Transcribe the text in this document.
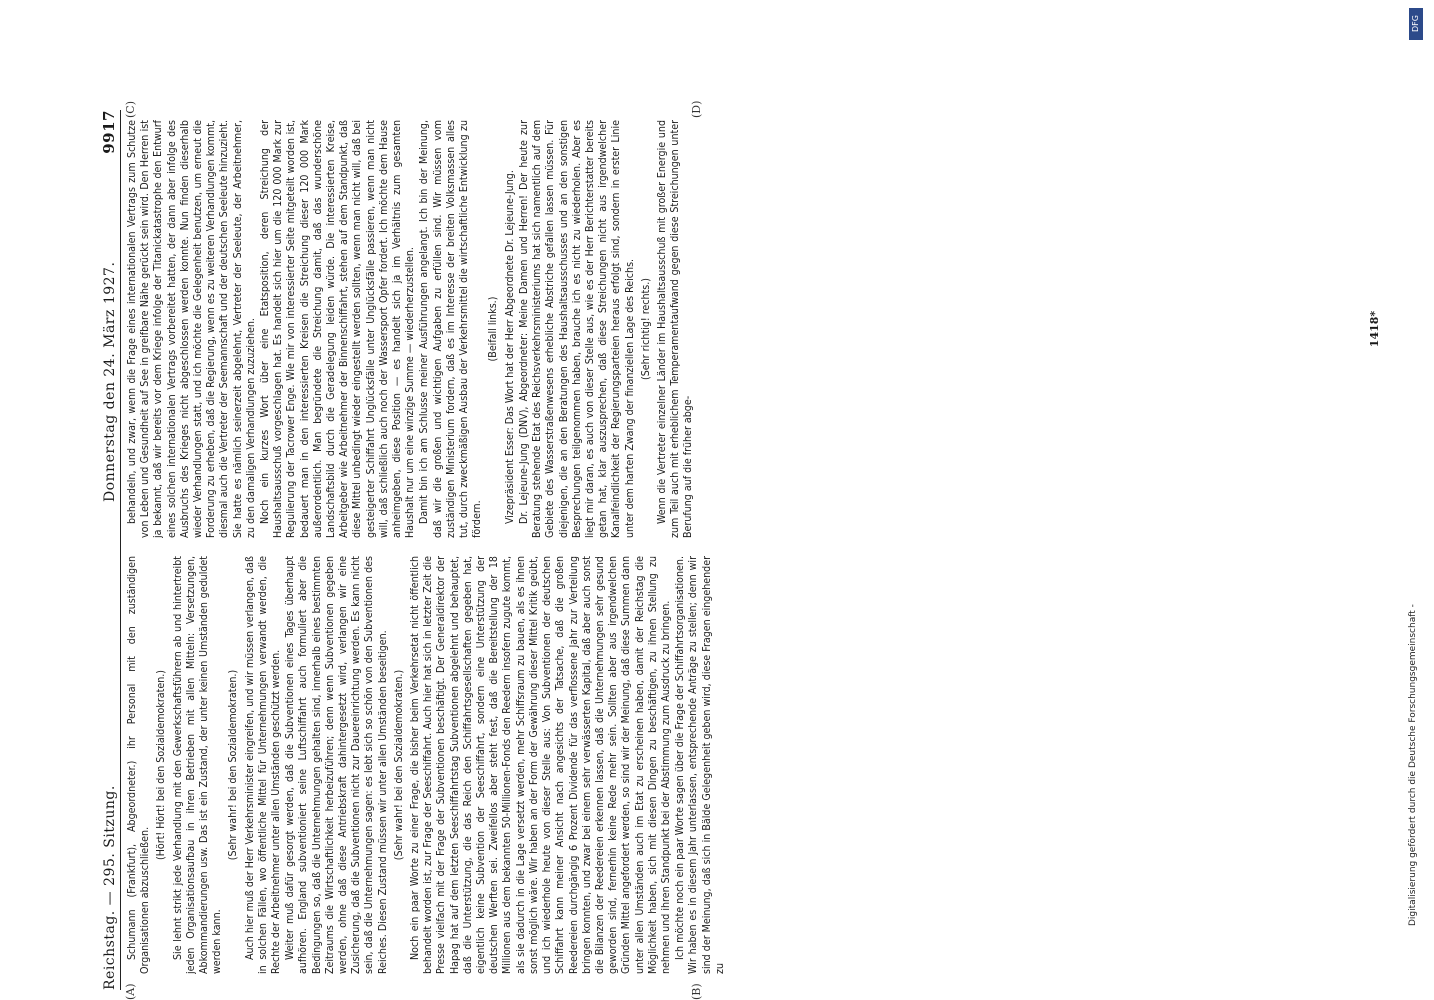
Reichstag. — 295. Sitzung.
Donnerstag den 24. März 1927.
9917
(A)	(B)
(C)	(D)

Schumann (Frankfurt), Abgeordneter.) ihr Personal mit den zuständigen Organisationen abzuschließen.

(Hört! Hört! bei den Sozialdemokraten.) Sie lehnt strikt jede Verhandlung mit den Gewerkschaftsführern ab und hintertreibt jeden Organisationsaufbau in ihren Betrieben mit allen Mitteln: Versetzungen, Abkommandierungen usw. Das ist ein Zustand, der unter keinen Umständen geduldet werden kann.

(Sehr wahr! bei den Sozialdemokraten.) Auch hier muß der Herr Verkehrsminister eingreifen, und wir müssen verlangen, daß in solchen Fällen, wo öffentliche Mittel für Unternehmungen verwandt werden, die Rechte der Arbeitnehmer unter allen Umständen geschützt werden. Weiter muß dafür gesorgt werden, daß die Subventionen eines Tages überhaupt aufhören. England subventioniert seine Luftschiffahrt auch formuliert aber die Bedingungen so, daß die Unternehmungen gehalten sind, innerhalb eines bestimmten Zeitraums die Wirtschaftlichkeit herbeizuführen; denn wenn Subventionen gegeben werden, ohne daß diese Antriebskraft dahintergesetzt wird, verlangen wir eine Zusicherung, daß die Subventionen nicht zur Dauereinrichtung werden. Es kann nicht sein, daß die Unternehmungen sagen: es lebt sich so schön von den Subventionen des Reiches. Diesen Zustand müssen wir unter allen Umständen beseitigen. (Sehr wahr! bei den Sozialdemokraten.) Noch ein paar Worte zu einer Frage, die bisher beim Verkehrsetat nicht öffentlich behandelt worden ist, zur Frage der Seeschiffahrt. Auch hier hat sich in letzter Zeit die Presse vielfach mit der Frage der Subventionen beschäftigt. Der Generaldirektor der Hapag hat auf dem letzten Seeschiffahrtstag Subventionen abgelehnt und behauptet, daß die Unterstützung, die das Reich den Schiffahrtsgesellschaften gegeben hat, eigentlich keine Subvention der Seeschiffahrt, sondern eine Unterstützung der deutschen Werften sei. Zweifellos aber steht fest, daß die Bereitstellung der 18 Millionen aus dem bekannten 50-Millionen-Fonds den Reedern insofern zugute kommt, als sie dadurch in die Lage versetzt werden, mehr Schiffsraum zu bauen, als es ihnen sonst möglich wäre. Wir haben an der Form der Gewährung dieser Mittel Kritik geübt, und ich wiederhole heute von dieser Stelle aus: Von Subventionen der deutschen Schiffahrt kann meiner Ansicht nach angesichts der Tatsache, daß die großen Reedereien durchgängig 6 Prozent Dividende für das verflossene Jahr zur Verteilung bringen konnten, und zwar bei einem sehr verwässerten Kapital, daß aber auch sonst die Bilanzen der Reedereien erkennen lassen, daß die Unternehmungen sehr gesund geworden sind, fernerhin keine Rede mehr sein. Sollten aber aus irgendwelchen Gründen Mittel angefordert werden, so sind wir der Meinung, daß diese Summen dann unter allen Umständen auch im Etat zu erscheinen haben, damit der Reichstag die Möglichkeit haben, sich mit diesen Dingen zu beschäftigen, zu ihnen Stellung zu nehmen und ihren Standpunkt bei der Abstimmung zum Ausdruck zu bringen. Ich möchte noch ein paar Worte sagen über die Frage der Schiffahrtsorganisationen. Wir haben es in diesem Jahr unterlassen, entsprechende Anträge zu stellen; denn wir sind der Meinung, daß sich in Bälde Gelegenheit geben wird, diese Fragen eingehender zu

behandeln, und zwar, wenn die Frage eines internationalen Vertrags zum Schutze von Leben und Gesundheit auf See in greifbare Nähe gerückt sein wird. Den Herren ist ja bekannt, daß wir bereits vor dem Kriege infolge der Titanickatastrophe den Entwurf eines solchen internationalen Vertrags vorbereitet hatten, der dann aber infolge des Ausbruchs des Krieges nicht abgeschlossen werden konnte. Nun finden dieserhalb wieder Verhandlungen statt, und ich möchte die Gelegenheit benutzen, um erneut die Forderung zu erheben, daß die Regierung, wenn es zu weiteren Verhandlungen kommt, diesmal auch die Vertreter der Seemannschaft und der deutschen Seeleute hinzuzieht. Sie hatte es nämlich seinerzeit abgelehnt, Vertreter der Seeleute, der Arbeitnehmer, zu den damaligen Verhandlungen zuzuziehen. Noch ein kurzes Wort über eine Etatsposition, deren Streichung der Haushaltsausschuß vorgeschlagen hat. Es handelt sich hier um die 120 000 Mark zur Regulierung der Tacrower Enge. Wie mir von interessierter Seite mitgeteilt worden ist, bedauert man in den interessierten Kreisen die Streichung dieser 120 000 Mark außerordentlich. Man begründete die Streichung damit, daß das wunderschöne Landschaftsbild durch die Geradelegung leiden würde. Die interessierten Kreise, Arbeitgeber wie Arbeitnehmer der Binnenschiffahrt, stehen auf dem Standpunkt, daß diese Mittel unbedingt wieder eingestellt werden sollten, wenn man nicht will, daß bei gesteigerter Schiffahrt Unglücksfälle unter Unglücksfälle passieren, wenn man nicht will, daß schließlich auch noch der Wassersport Opfer fordert. Ich möchte dem Hause anheimgeben, diese Position — es handelt sich ja im Verhältnis zum gesamten Haushalt nur um eine winzige Summe — wiederherzustellen. Damit bin ich am Schlusse meiner Ausführungen angelangt. Ich bin der Meinung, daß wir die großen und wichtigen Aufgaben zu erfüllen sind. Wir müssen vom zuständigen Ministerium fordern, daß es im Interesse der breiten Volksmassen alles tut, durch zweckmäßigen Ausbau der Verkehrsmittel die wirtschaftliche Entwicklung zu fördern.

(Beifall links.) Vizepräsident Esser: Das Wort hat der Herr Abgeordnete Dr. Lejeune-Jung. Dr. Lejeune-Jung (DNV), Abgeordneter: Meine Damen und Herren! Der heute zur Beratung stehende Etat des Reichsverkehrsministeriums hat sich namentlich auf dem Gebiete des Wasserstraßenwesens erhebliche Abstriche gefallen lassen müssen. Für diejenigen, die an den Beratungen des Haushaltsausschusses und an den sonstigen Besprechungen teilgenommen haben, brauche ich es nicht zu wiederholen. Aber es liegt mir daran, es auch von dieser Stelle aus, wie es der Herr Berichterstatter bereits getan hat, klar auszusprechen, daß diese Streichungen nicht aus irgendwelcher Kanalfeindlichkeit der Regierungsparteien heraus erfolgt sind, sondern in erster Linie unter dem harten Zwang der finanziellen Lage des Reichs. (Sehr richtig! rechts.) Wenn die Vertreter einzelner Länder im Haushaltsausschuß mit großer Energie und zum Teil auch mit erheblichem Temperamentaufwand gegen diese Streichungen unter Berufung auf die früher abge-

1418*
DFG
Digitalisierung gefördert durch die Deutsche Forschungsgemeinschaft -
